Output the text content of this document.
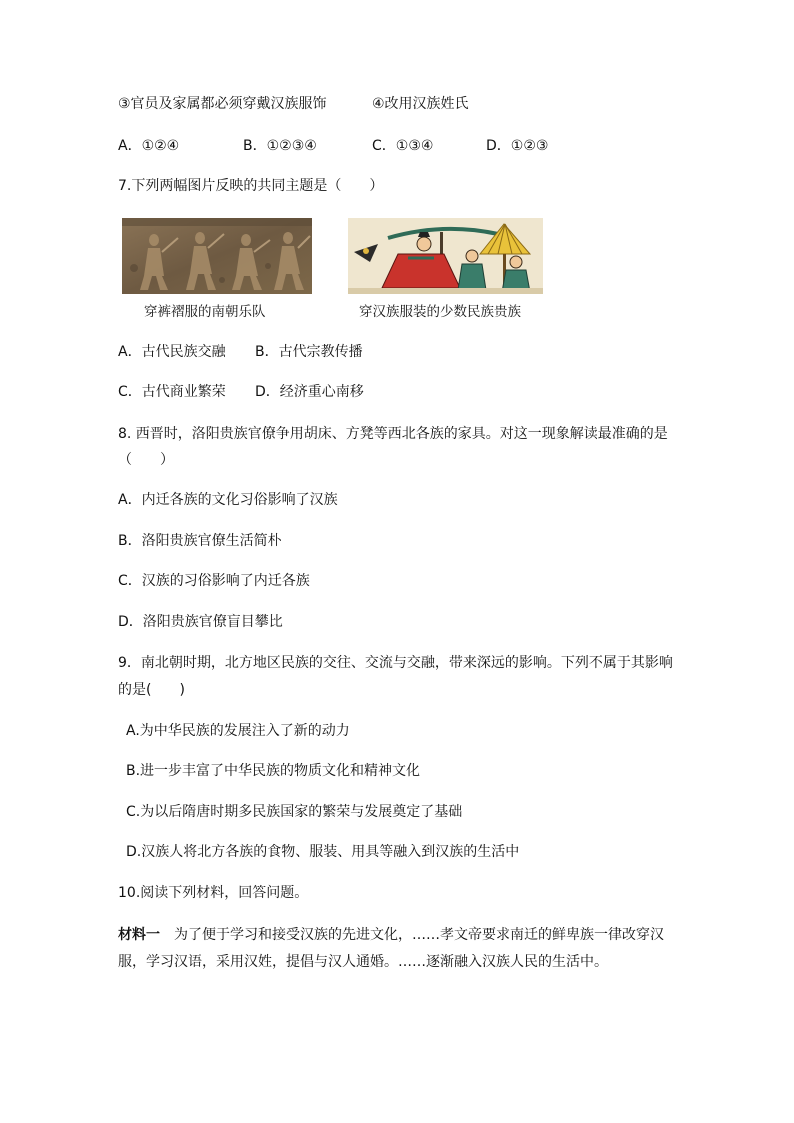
③官员及家属都必须穿戴汉族服饰	④改用汉族姓氏
A．①②④	B．①②③④	C．①③④	D．①②③
7.下列两幅图片反映的共同主题是（　　）
穿裤褶服的南朝乐队	穿汉族服装的少数民族贵族
A．古代民族交融 B．古代宗教传播
C．古代商业繁荣 D．经济重心南移
8. 西晋时，洛阳贵族官僚争用胡床、方凳等西北各族的家具。对这一现象解读最准确的是
（　　）
A．内迁各族的文化习俗影响了汉族
B．洛阳贵族官僚生活简朴
C．汉族的习俗影响了内迁各族
D．洛阳贵族官僚盲目攀比
9．南北朝时期，北方地区民族的交往、交流与交融，带来深远的影响。下列不属于其影响
的是(　　)
A.为中华民族的发展注入了新的动力
B.进一步丰富了中华民族的物质文化和精神文化
C.为以后隋唐时期多民族国家的繁荣与发展奠定了基础
D.汉族人将北方各族的食物、服装、用具等融入到汉族的生活中
10.阅读下列材料，回答问题。
材料一　为了便于学习和接受汉族的先进文化，……孝文帝要求南迁的鲜卑族一律改穿汉
服，学习汉语，采用汉姓，提倡与汉人通婚。……逐渐融入汉族人民的生活中。
